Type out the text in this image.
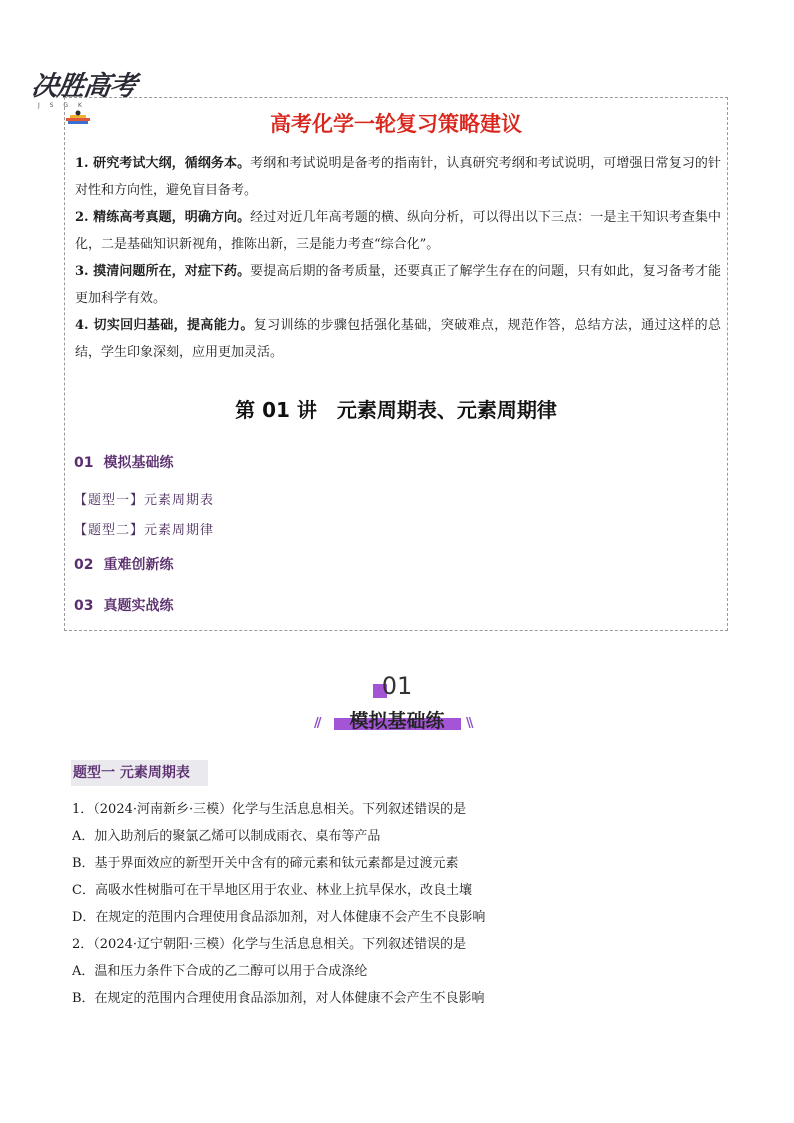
决胜高考
J S G K
高考化学一轮复习策略建议
1. 研究考试大纲，循纲务本。考纲和考试说明是备考的指南针，认真研究考纲和考试说明，可增强日常复习的针对性和方向性，避免盲目备考。
2. 精练高考真题，明确方向。经过对近几年高考题的横、纵向分析，可以得出以下三点：一是主干知识考查集中化，二是基础知识新视角，推陈出新，三是能力考查“综合化”。
3. 摸清问题所在，对症下药。要提高后期的备考质量，还要真正了解学生存在的问题，只有如此，复习备考才能更加科学有效。
4. 切实回归基础，提高能力。复习训练的步骤包括强化基础，突破难点，规范作答，总结方法，通过这样的总结，学生印象深刻，应用更加灵活。
第 01 讲　元素周期表、元素周期律
01 模拟基础练
【题型一】元素周期表
【题型二】元素周期律
02 重难创新练
03 真题实战练
01
模拟基础练
//	\\
题型一 元素周期表
1．（2024·河南新乡·三模）化学与生活息息相关。下列叙述错误的是
A．加入助剂后的聚氯乙烯可以制成雨衣、桌布等产品
B．基于界面效应的新型开关中含有的碲元素和钛元素都是过渡元素
C．高吸水性树脂可在干旱地区用于农业、林业上抗旱保水，改良土壤
D．在规定的范围内合理使用食品添加剂，对人体健康不会产生不良影响
2．（2024·辽宁朝阳·三模）化学与生活息息相关。下列叙述错误的是
A．温和压力条件下合成的乙二醇可以用于合成涤纶
B．在规定的范围内合理使用食品添加剂，对人体健康不会产生不良影响
